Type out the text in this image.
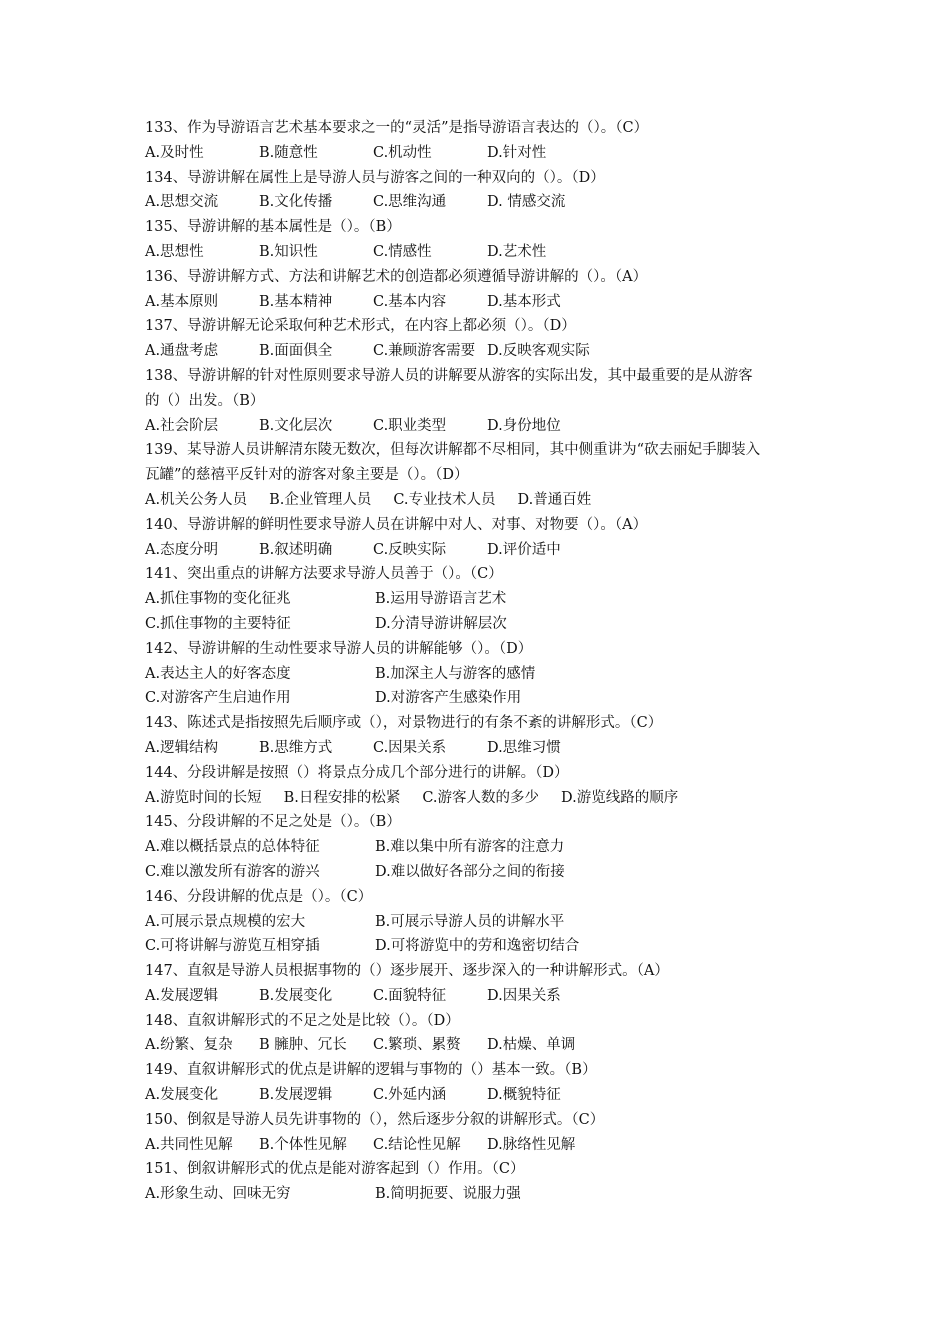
133、作为导游语言艺术基本要求之一的“灵活”是指导游语言表达的（）。（C）
A.及时性	B.随意性	C.机动性	D.针对性
134、导游讲解在属性上是导游人员与游客之间的一种双向的（）。（D）
A.思想交流	B.文化传播	C.思维沟通	D. 情感交流
135、导游讲解的基本属性是（）。（B）
A.思想性	B.知识性	C.情感性	D.艺术性
136、导游讲解方式、方法和讲解艺术的创造都必须遵循导游讲解的（）。（A）
A.基本原则	B.基本精神	C.基本内容	D.基本形式
137、导游讲解无论采取何种艺术形式，在内容上都必须（）。（D）
A.通盘考虑	B.面面俱全	C.兼顾游客需要 D.反映客观实际
138、导游讲解的针对性原则要求导游人员的讲解要从游客的实际出发，其中最重要的是从游客
的（）出发。（B）
A.社会阶层	B.文化层次	C.职业类型	D.身份地位
139、某导游人员讲解清东陵无数次，但每次讲解都不尽相同，其中侧重讲为“砍去丽妃手脚装入
瓦罐”的慈禧平反针对的游客对象主要是（）。（D）
A.机关公务人员 B.企业管理人员 C.专业技术人员 D.普通百姓
140、导游讲解的鲜明性要求导游人员在讲解中对人、对事、对物要（）。（A）
A.态度分明	B.叙述明确	C.反映实际	D.评价适中
141、突出重点的讲解方法要求导游人员善于（）。（C）
A.抓住事物的变化征兆	B.运用导游语言艺术
C.抓住事物的主要特征	D.分清导游讲解层次
142、导游讲解的生动性要求导游人员的讲解能够（）。（D）
A.表达主人的好客态度	B.加深主人与游客的感情
C.对游客产生启迪作用	D.对游客产生感染作用
143、陈述式是指按照先后顺序或（），对景物进行的有条不紊的讲解形式。（C）
A.逻辑结构	B.思维方式	C.因果关系	D.思维习惯
144、分段讲解是按照（）将景点分成几个部分进行的讲解。（D）
A.游览时间的长短 B.日程安排的松紧 C.游客人数的多少 D.游览线路的顺序
145、分段讲解的不足之处是（）。（B）
A.难以概括景点的总体特征	B.难以集中所有游客的注意力
C.难以激发所有游客的游兴	D.难以做好各部分之间的衔接
146、分段讲解的优点是（）。（C）
A.可展示景点规模的宏大	B.可展示导游人员的讲解水平
C.可将讲解与游览互相穿插	D.可将游览中的劳和逸密切结合
147、直叙是导游人员根据事物的（）逐步展开、逐步深入的一种讲解形式。（A）
A.发展逻辑	B.发展变化	C.面貌特征	D.因果关系
148、直叙讲解形式的不足之处是比较（）。（D）
A.纷繁、复杂	B 臃肿、冗长	C.繁琐、累赘	D.枯燥、单调
149、直叙讲解形式的优点是讲解的逻辑与事物的（）基本一致。（B）
A.发展变化	B.发展逻辑	C.外延内涵	D.概貌特征
150、倒叙是导游人员先讲事物的（），然后逐步分叙的讲解形式。（C）
A.共同性见解	B.个体性见解	C.结论性见解	D.脉络性见解
151、倒叙讲解形式的优点是能对游客起到（）作用。（C）
A.形象生动、回味无穷	B.简明扼要、说服力强
